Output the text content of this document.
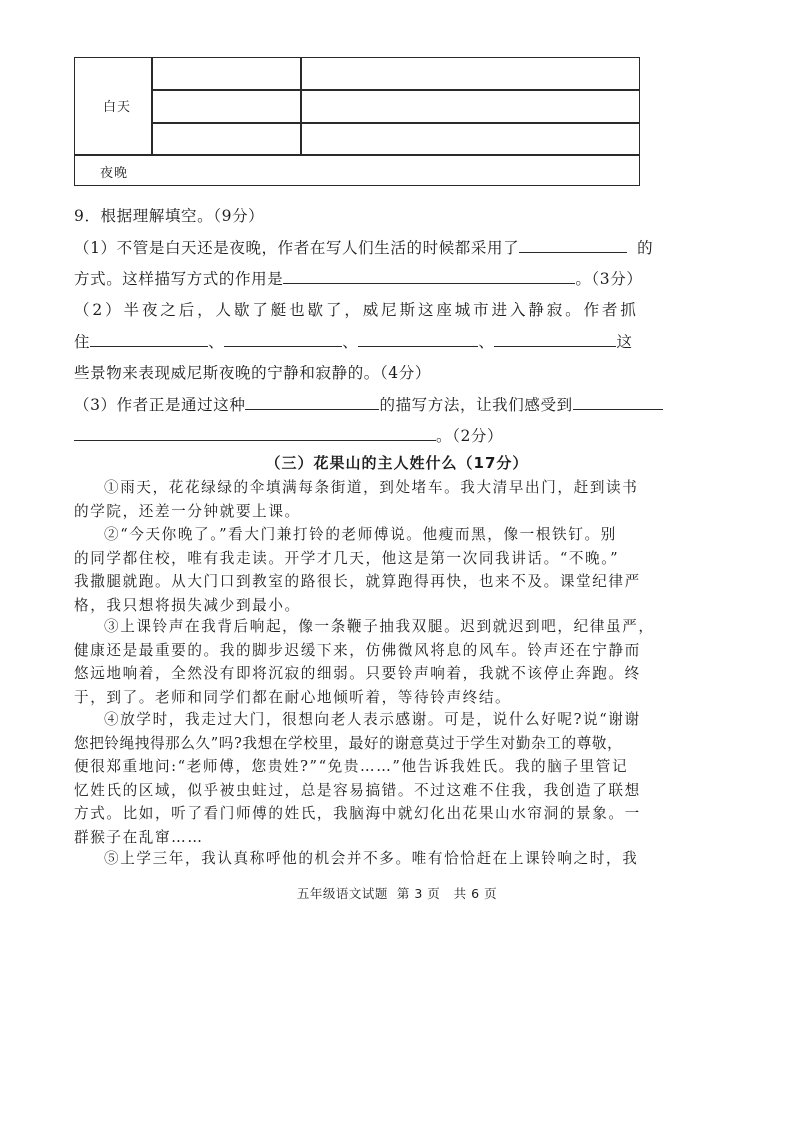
白天
夜晚
9．根据理解填空。（9分）
（1）不管是白天还是夜晚，作者在写人们生活的时候都采用了	的
方式。这样描写方式的作用是	。（3分）
（2）半夜之后，人歇了艇也歇了，威尼斯这座城市进入静寂。作者抓
住	、	、	、	这
些景物来表现威尼斯夜晚的宁静和寂静的。（4分）
（3）作者正是通过这种	的描写方法，让我们感受到
。（2分）
（三）花果山的主人姓什么（17分）
①雨天，花花绿绿的伞填满每条街道，到处堵车。我大清早出门，赶到读书
的学院，还差一分钟就要上课。
②“今天你晚了。”看大门兼打铃的老师傅说。他瘦而黑，像一根铁钉。别
的同学都住校，唯有我走读。开学才几天，他这是第一次同我讲话。“不晚。”
我撒腿就跑。从大门口到教室的路很长，就算跑得再快，也来不及。课堂纪律严
格，我只想将损失减少到最小。
③上课铃声在我背后响起，像一条鞭子抽我双腿。迟到就迟到吧，纪律虽严，
健康还是最重要的。我的脚步迟缓下来，仿佛微风将息的风车。铃声还在宁静而
悠远地响着，全然没有即将沉寂的细弱。只要铃声响着，我就不该停止奔跑。终
于，到了。老师和同学们都在耐心地倾听着，等待铃声终结。
④放学时，我走过大门，很想向老人表示感谢。可是，说什么好呢?说“谢谢
您把铃绳拽得那么久”吗?我想在学校里，最好的谢意莫过于学生对勤杂工的尊敬，
便很郑重地问:“老师傅，您贵姓?”“免贵……”他告诉我姓氏。我的脑子里管记
忆姓氏的区域，似乎被虫蛀过，总是容易搞错。不过这难不住我，我创造了联想
方式。比如，听了看门师傅的姓氏，我脑海中就幻化出花果山水帘洞的景象。一
群猴子在乱窜……
⑤上学三年，我认真称呼他的机会并不多。唯有恰恰赶在上课铃响之时，我
五年级语文试题  第 3 页   共 6 页
